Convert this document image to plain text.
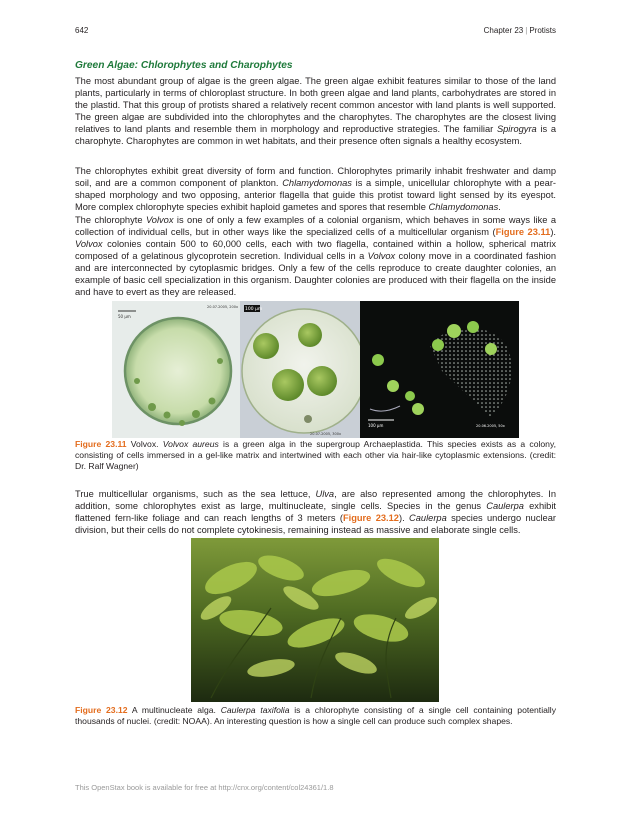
642	Chapter 23 | Protists
Green Algae: Chlorophytes and Charophytes

The most abundant group of algae is the green algae. The green algae exhibit features similar to those of the land plants, particularly in terms of chloroplast structure. In both green algae and land plants, carbohydrates are stored in the plastid. That this group of protists shared a relatively recent common ancestor with land plants is well supported. The green algae are subdivided into the chlorophytes and the charophytes. The charophytes are the closest living relatives to land plants and resemble them in morphology and reproductive strategies. The familiar Spirogyra is a charophyte. Charophytes are common in wet habitats, and their presence often signals a healthy ecosystem.

The chlorophytes exhibit great diversity of form and function. Chlorophytes primarily inhabit freshwater and damp soil, and are a common component of plankton. Chlamydomonas is a simple, unicellular chlorophyte with a pear-shaped morphology and two opposing, anterior flagella that guide this protist toward light sensed by its eyespot. More complex chlorophyte species exhibit haploid gametes and spores that resemble Chlamydomonas.

The chlorophyte Volvox is one of only a few examples of a colonial organism, which behaves in some ways like a collection of individual cells, but in other ways like the specialized cells of a multicellular organism (Figure 23.11). Volvox colonies contain 500 to 60,000 cells, each with two flagella, contained within a hollow, spherical matrix composed of a gelatinous glycoprotein secretion. Individual cells in a Volvox colony move in a coordinated fashion and are interconnected by cytoplasmic bridges. Only a few of the cells reproduce to create daughter colonies, an example of basic cell specialization in this organism. Daughter colonies are produced with their flagella on the inside and have to evert as they are released.

50 µm
20.07.2005, 200x 100 µm
20.07.2005, 300x
100 µm	20.06.2005, 50x

Figure 23.11 Volvox. Volvox aureus is a green alga in the supergroup Archaeplastida. This species exists as a colony, consisting of cells immersed in a gel-like matrix and intertwined with each other via hair-like cytoplasmic extensions. (credit: Dr. Ralf Wagner)

True multicellular organisms, such as the sea lettuce, Ulva, are also represented among the chlorophytes. In addition, some chlorophytes exist as large, multinucleate, single cells. Species in the genus Caulerpa exhibit flattened fern-like foliage and can reach lengths of 3 meters (Figure 23.12). Caulerpa species undergo nuclear division, but their cells do not complete cytokinesis, remaining instead as massive and elaborate single cells.

Figure 23.12 A multinucleate alga. Caulerpa taxifolia is a chlorophyte consisting of a single cell containing potentially thousands of nuclei. (credit: NOAA). An interesting question is how a single cell can produce such complex shapes.

This OpenStax book is available for free at http://cnx.org/content/col24361/1.8
